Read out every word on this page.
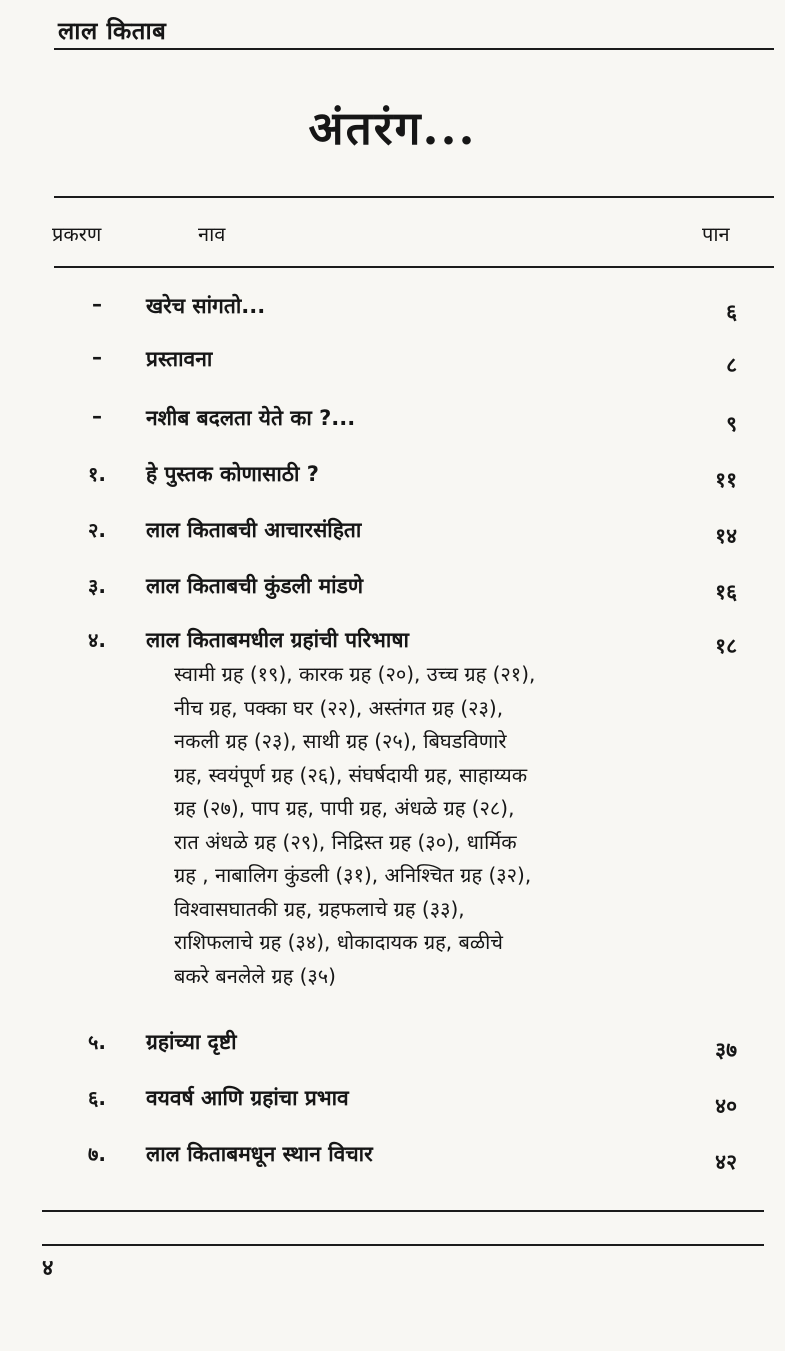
लाल किताब
अंतरंग...
प्रकरण	नाव	पान
–	खरेच सांगतो...	६
–	प्रस्तावना	८
–	नशीब बदलता येते का ?...	९
१.	हे पुस्तक कोणासाठी ?	११
२.	लाल किताबची आचारसंहिता	१४
३.	लाल किताबची कुंडली मांडणे	१६
४.	लाल किताबमधील ग्रहांची परिभाषा	१८
स्वामी ग्रह (१९), कारक ग्रह (२०), उच्च ग्रह (२१),
नीच ग्रह, पक्का घर (२२), अस्तंगत ग्रह (२३),
नकली ग्रह (२३), साथी ग्रह (२५), बिघडविणारे
ग्रह, स्वयंपूर्ण ग्रह (२६), संघर्षदायी ग्रह, साहाय्यक
ग्रह (२७), पाप ग्रह, पापी ग्रह, अंधळे ग्रह (२८),
रात अंधळे ग्रह (२९), निद्रिस्त ग्रह (३०), धार्मिक
ग्रह , नाबालिग कुंडली (३१), अनिश्चित ग्रह (३२),
विश्वासघातकी ग्रह, ग्रहफलाचे ग्रह (३३),
राशिफलाचे ग्रह (३४), धोकादायक ग्रह, बळीचे
बकरे बनलेले ग्रह (३५)
५.	ग्रहांच्या दृष्टी	३७
६.	वयवर्ष आणि ग्रहांचा प्रभाव	४०
७.	लाल किताबमधून स्थान विचार	४२
४
